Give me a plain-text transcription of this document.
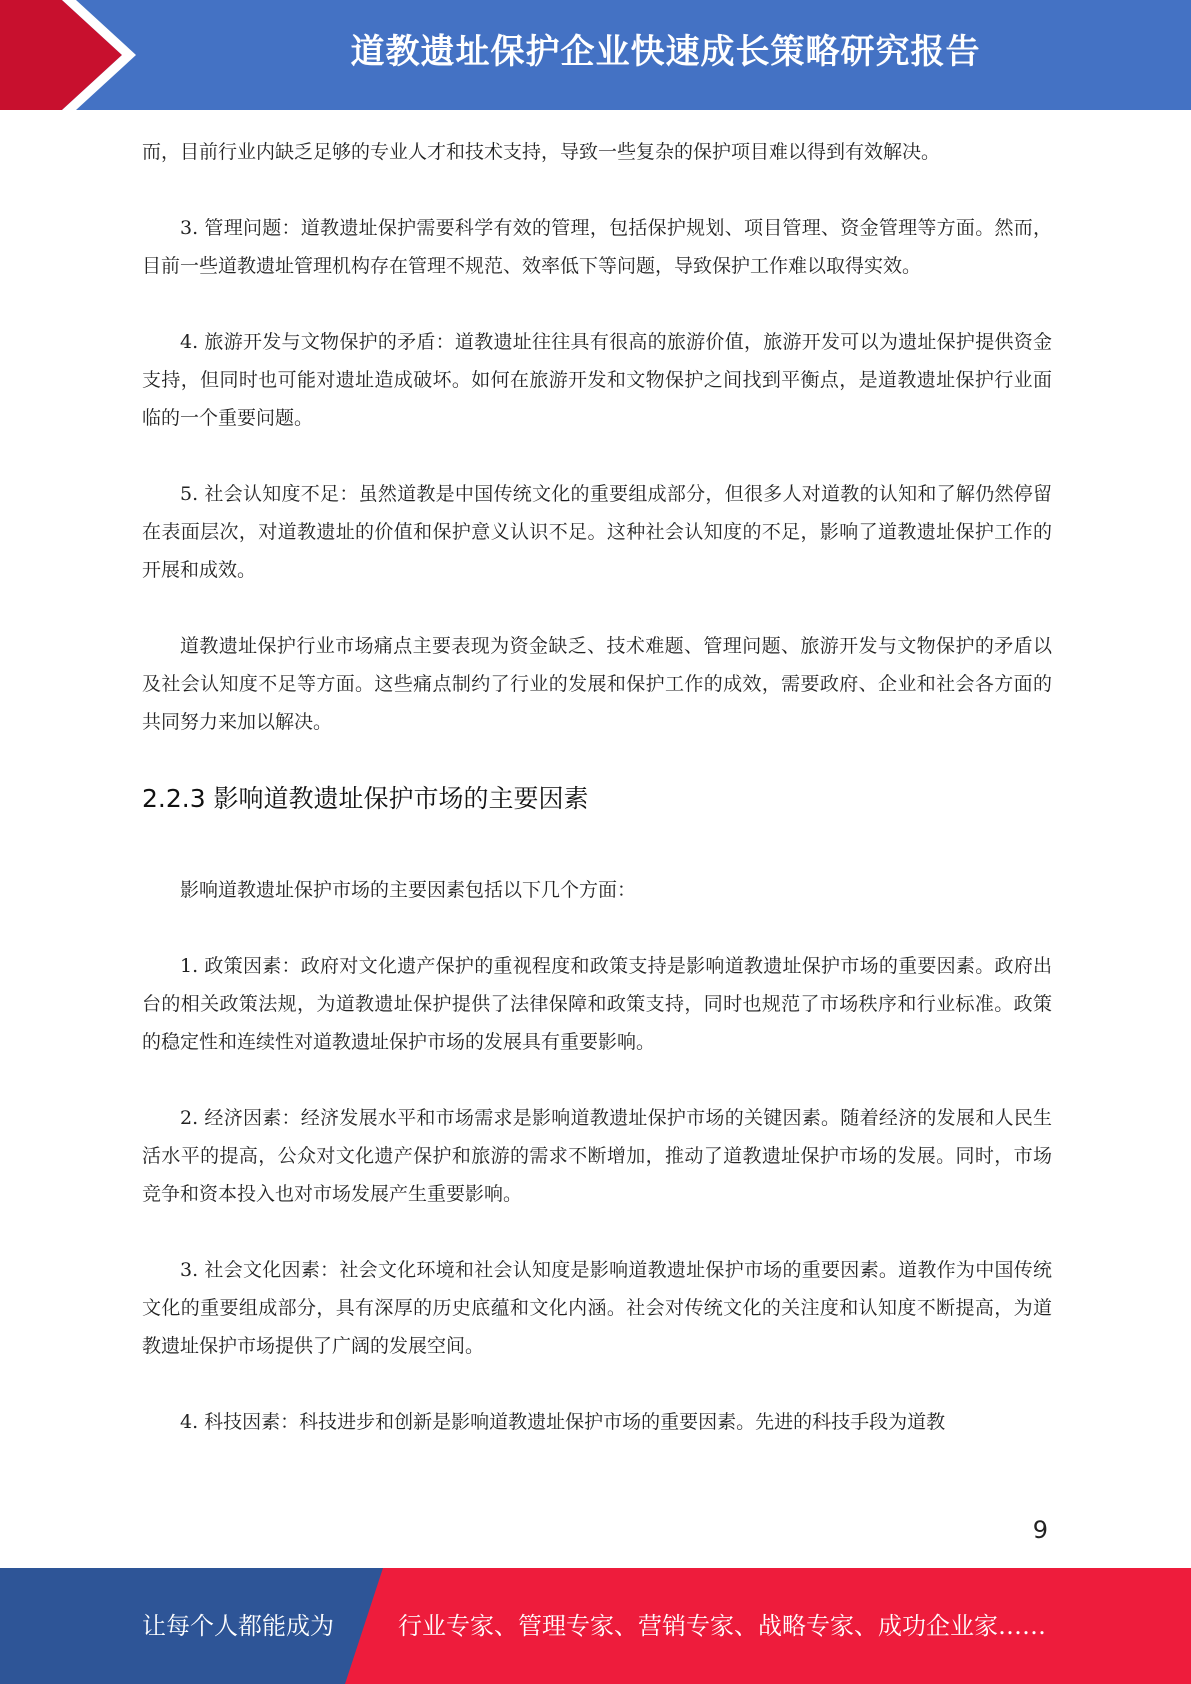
道教遗址保护企业快速成长策略研究报告

而，目前行业内缺乏足够的专业人才和技术支持，导致一些复杂的保护项目难以得到有效解决。

3. 管理问题：道教遗址保护需要科学有效的管理，包括保护规划、项目管理、资金管理等方面。然而，目前一些道教遗址管理机构存在管理不规范、效率低下等问题，导致保护工作难以取得实效。

4. 旅游开发与文物保护的矛盾：道教遗址往往具有很高的旅游价值，旅游开发可以为遗址保护提供资金支持，但同时也可能对遗址造成破坏。如何在旅游开发和文物保护之间找到平衡点，是道教遗址保护行业面临的一个重要问题。

5. 社会认知度不足：虽然道教是中国传统文化的重要组成部分，但很多人对道教的认知和了解仍然停留在表面层次，对道教遗址的价值和保护意义认识不足。这种社会认知度的不足，影响了道教遗址保护工作的开展和成效。

道教遗址保护行业市场痛点主要表现为资金缺乏、技术难题、管理问题、旅游开发与文物保护的矛盾以及社会认知度不足等方面。这些痛点制约了行业的发展和保护工作的成效，需要政府、企业和社会各方面的共同努力来加以解决。

2.2.3 影响道教遗址保护市场的主要因素

影响道教遗址保护市场的主要因素包括以下几个方面：

1. 政策因素：政府对文化遗产保护的重视程度和政策支持是影响道教遗址保护市场的重要因素。政府出台的相关政策法规，为道教遗址保护提供了法律保障和政策支持，同时也规范了市场秩序和行业标准。政策的稳定性和连续性对道教遗址保护市场的发展具有重要影响。

2. 经济因素：经济发展水平和市场需求是影响道教遗址保护市场的关键因素。随着经济的发展和人民生活水平的提高，公众对文化遗产保护和旅游的需求不断增加，推动了道教遗址保护市场的发展。同时，市场竞争和资本投入也对市场发展产生重要影响。

3. 社会文化因素：社会文化环境和社会认知度是影响道教遗址保护市场的重要因素。道教作为中国传统文化的重要组成部分，具有深厚的历史底蕴和文化内涵。社会对传统文化的关注度和认知度不断提高，为道教遗址保护市场提供了广阔的发展空间。

4. 科技因素：科技进步和创新是影响道教遗址保护市场的重要因素。先进的科技手段为道教

9
让每个人都能成为	行业专家、管理专家、营销专家、战略专家、成功企业家……
